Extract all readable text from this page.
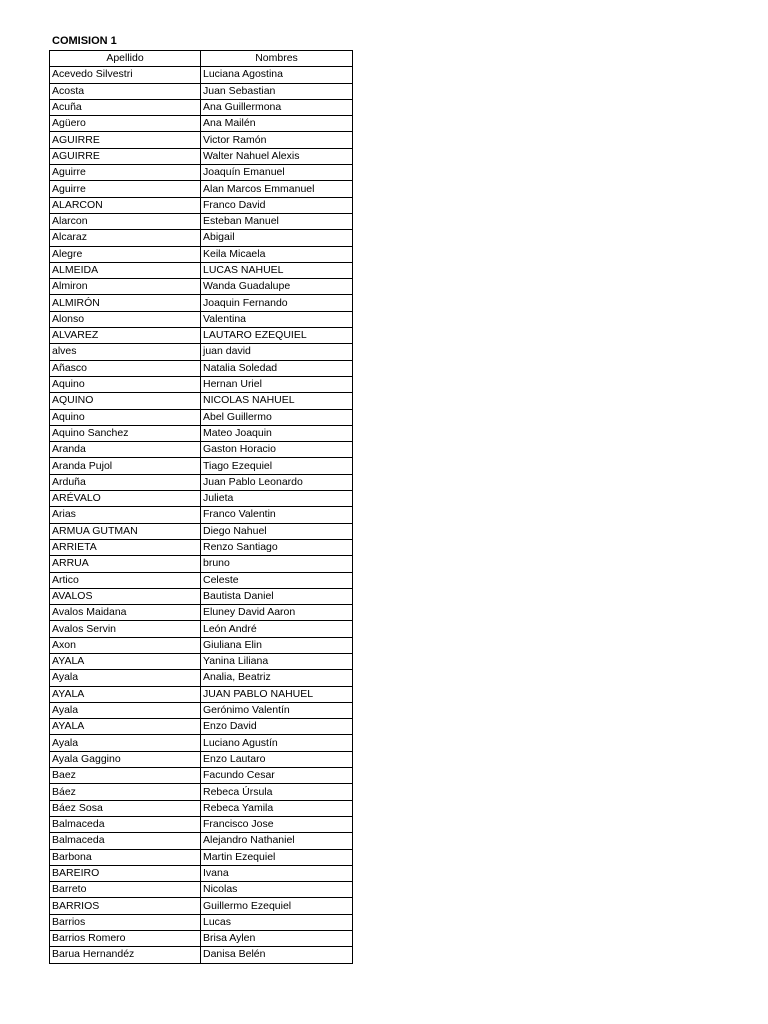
COMISION 1
Apellido	Nombres
Acevedo Silvestri	Luciana Agostina
Acosta	Juan Sebastian
Acuña	Ana Guillermona
Agüero	Ana Mailén
AGUIRRE	Victor Ramón
AGUIRRE	Walter Nahuel Alexis
Aguirre	Joaquín Emanuel
Aguirre	Alan Marcos Emmanuel
ALARCON	Franco David
Alarcon	Esteban Manuel
Alcaraz	Abigail
Alegre	Keila Micaela
ALMEIDA	LUCAS NAHUEL
Almiron	Wanda Guadalupe
ALMIRÓN	Joaquin Fernando
Alonso	Valentina
ALVAREZ	LAUTARO EZEQUIEL
alves	juan david
Añasco	Natalia Soledad
Aquino	Hernan Uriel
AQUINO	NICOLAS NAHUEL
Aquino	Abel Guillermo
Aquino Sanchez	Mateo Joaquin
Aranda	Gaston Horacio
Aranda Pujol	Tiago Ezequiel
Arduña	Juan Pablo Leonardo
ARÉVALO	Julieta
Arias	Franco Valentin
ARMUA GUTMAN	Diego Nahuel
ARRIETA	Renzo Santiago
ARRUA	bruno
Artico	Celeste
AVALOS	Bautista Daniel
Avalos Maidana	Eluney David Aaron
Avalos Servin	León André
Axon	Giuliana Elin
AYALA	Yanina Liliana
Ayala	Analia, Beatriz
AYALA	JUAN PABLO NAHUEL
Ayala	Gerónimo Valentín
AYALA	Enzo David
Ayala	Luciano Agustín
Ayala Gaggino	Enzo Lautaro
Baez	Facundo Cesar
Báez	Rebeca Úrsula
Báez Sosa	Rebeca Yamila
Balmaceda	Francisco Jose
Balmaceda	Alejandro Nathaniel
Barbona	Martin Ezequiel
BAREIRO	Ivana
Barreto	Nicolas
BARRIOS	Guillermo Ezequiel
Barrios	Lucas
Barrios Romero	Brisa Aylen
Barua Hernandéz	Danisa Belén
